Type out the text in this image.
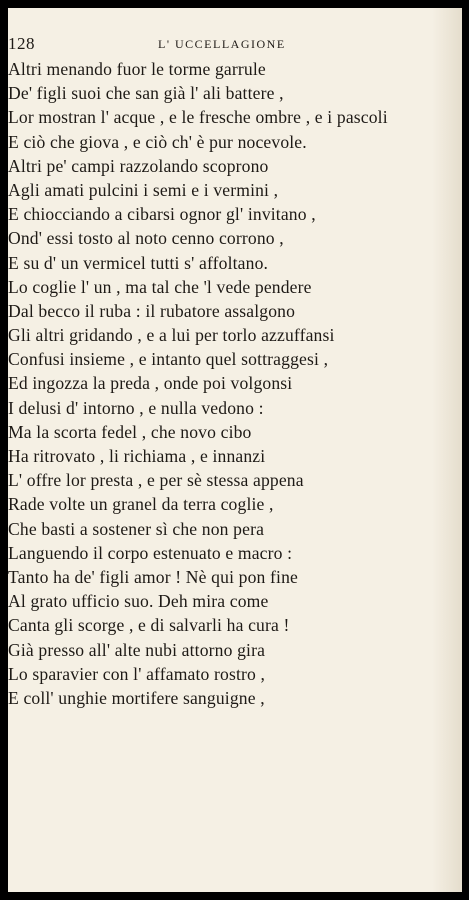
128	L' UCCELLAGIONE
Altri menando fuor le torme garrule
De' figli suoi che san già l' ali battere ,
Lor mostran l' acque , e le fresche ombre , e i pascoli
E ciò che giova , e ciò ch' è pur nocevole.
Altri pe' campi razzolando scoprono
Agli amati pulcini i semi e i vermini ,
E chiocciando a cibarsi ognor gl' invitano ,
Ond' essi tosto al noto cenno corrono ,
E su d' un vermicel tutti s' affoltano.
Lo coglie l' un , ma tal che 'l vede pendere
Dal becco il ruba : il rubatore assalgono
Gli altri gridando , e a lui per torlo azzuffansi
Confusi insieme , e intanto quel sottraggesi ,
Ed ingozza la preda , onde poi volgonsi
I delusi d' intorno , e nulla vedono :
Ma la scorta fedel , che novo cibo
Ha ritrovato , li richiama , e innanzi
L' offre lor presta , e per sè stessa appena
Rade volte un granel da terra coglie ,
Che basti a sostener sì che non pera
Languendo il corpo estenuato e macro :
Tanto ha de' figli amor ! Nè qui pon fine
Al grato ufficio suo. Deh mira come
Canta gli scorge , e di salvarli ha cura !
Già presso all' alte nubi attorno gira
Lo sparavier con l' affamato rostro ,
E coll' unghie mortifere sanguigne ,
